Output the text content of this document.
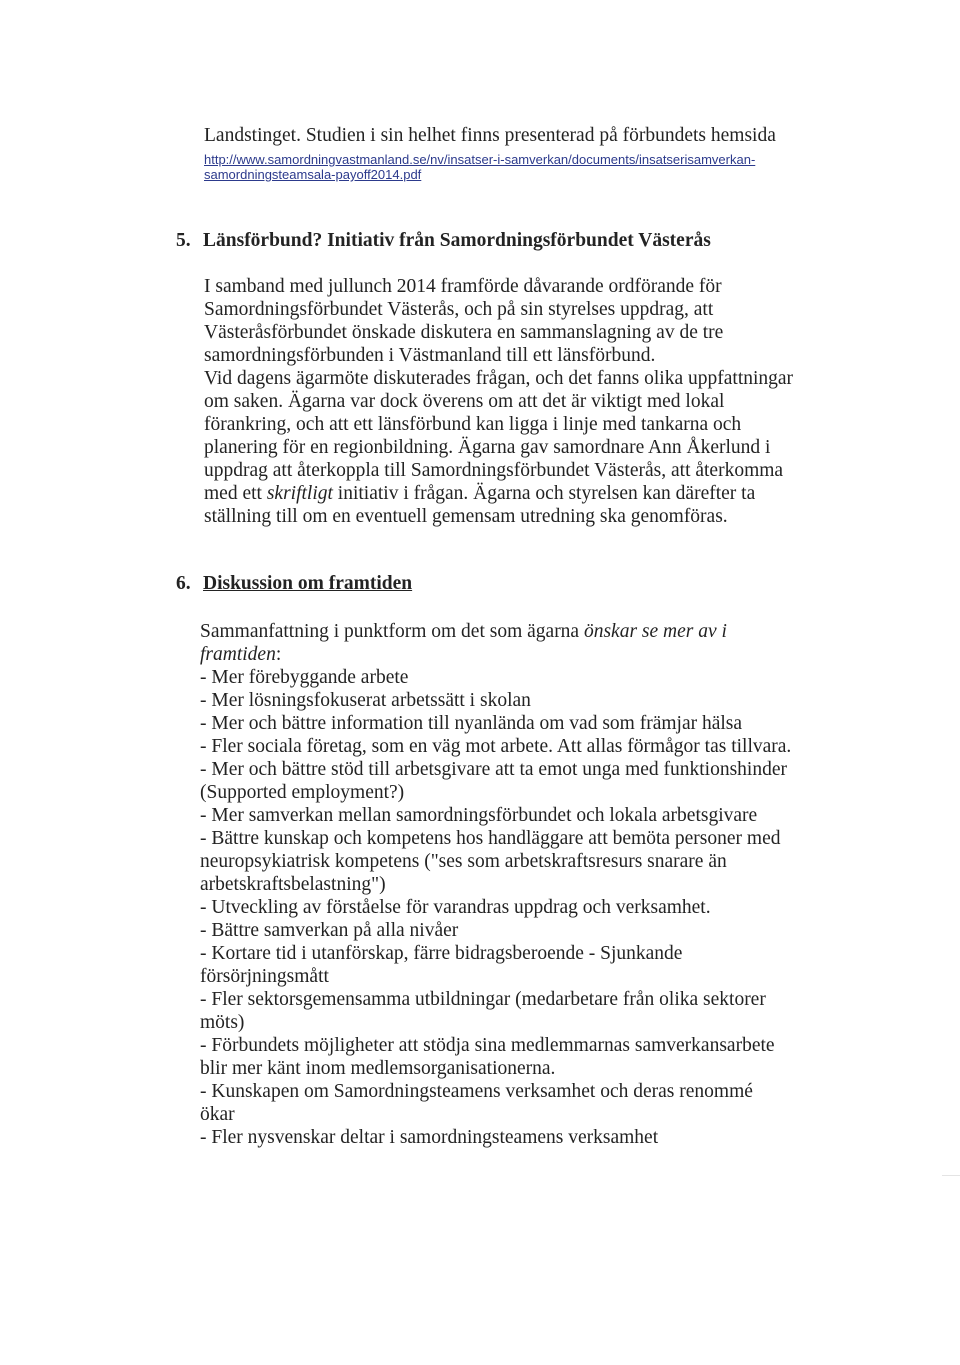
Landstinget. Studien i sin helhet finns presenterad på förbundets hemsida
http://www.samordningvastmanland.se/nv/insatser-i-samverkan/documents/insatserisamverkan-
samordningsteamsala-payoff2014.pdf
5. Länsförbund? Initiativ från Samordningsförbundet Västerås
I samband med jullunch 2014 framförde dåvarande ordförande för
Samordningsförbundet Västerås, och på sin styrelses uppdrag, att
Västeråsförbundet önskade diskutera en sammanslagning av de tre
samordningsförbunden i Västmanland till ett länsförbund.
Vid dagens ägarmöte diskuterades frågan, och det fanns olika uppfattningar
om saken. Ägarna var dock överens om att det är viktigt med lokal
förankring, och att ett länsförbund kan ligga i linje med tankarna och
planering för en regionbildning. Ägarna gav samordnare Ann Åkerlund i
uppdrag att återkoppla till Samordningsförbundet Västerås, att återkomma
med ett skriftligt initiativ i frågan. Ägarna och styrelsen kan därefter ta
ställning till om en eventuell gemensam utredning ska genomföras.
6. Diskussion om framtiden
Sammanfattning i punktform om det som ägarna önskar se mer av i
framtiden:
- Mer förebyggande arbete
- Mer lösningsfokuserat arbetssätt i skolan
- Mer och bättre information till nyanlända om vad som främjar hälsa
- Fler sociala företag, som en väg mot arbete. Att allas förmågor tas tillvara.
- Mer och bättre stöd till arbetsgivare att ta emot unga med funktionshinder
(Supported employment?)
- Mer samverkan mellan samordningsförbundet och lokala arbetsgivare
- Bättre kunskap och kompetens hos handläggare att bemöta personer med
neuropsykiatrisk kompetens ("ses som arbetskraftsresurs snarare än
arbetskraftsbelastning")
- Utveckling av förståelse för varandras uppdrag och verksamhet.
- Bättre samverkan på alla nivåer
- Kortare tid i utanförskap, färre bidragsberoende - Sjunkande
försörjningsmått
- Fler sektorsgemensamma utbildningar (medarbetare från olika sektorer
möts)
- Förbundets möjligheter att stödja sina medlemmarnas samverkansarbete
blir mer känt inom medlemsorganisationerna.
- Kunskapen om Samordningsteamens verksamhet och deras renommé
ökar
- Fler nysvenskar deltar i samordningsteamens verksamhet
